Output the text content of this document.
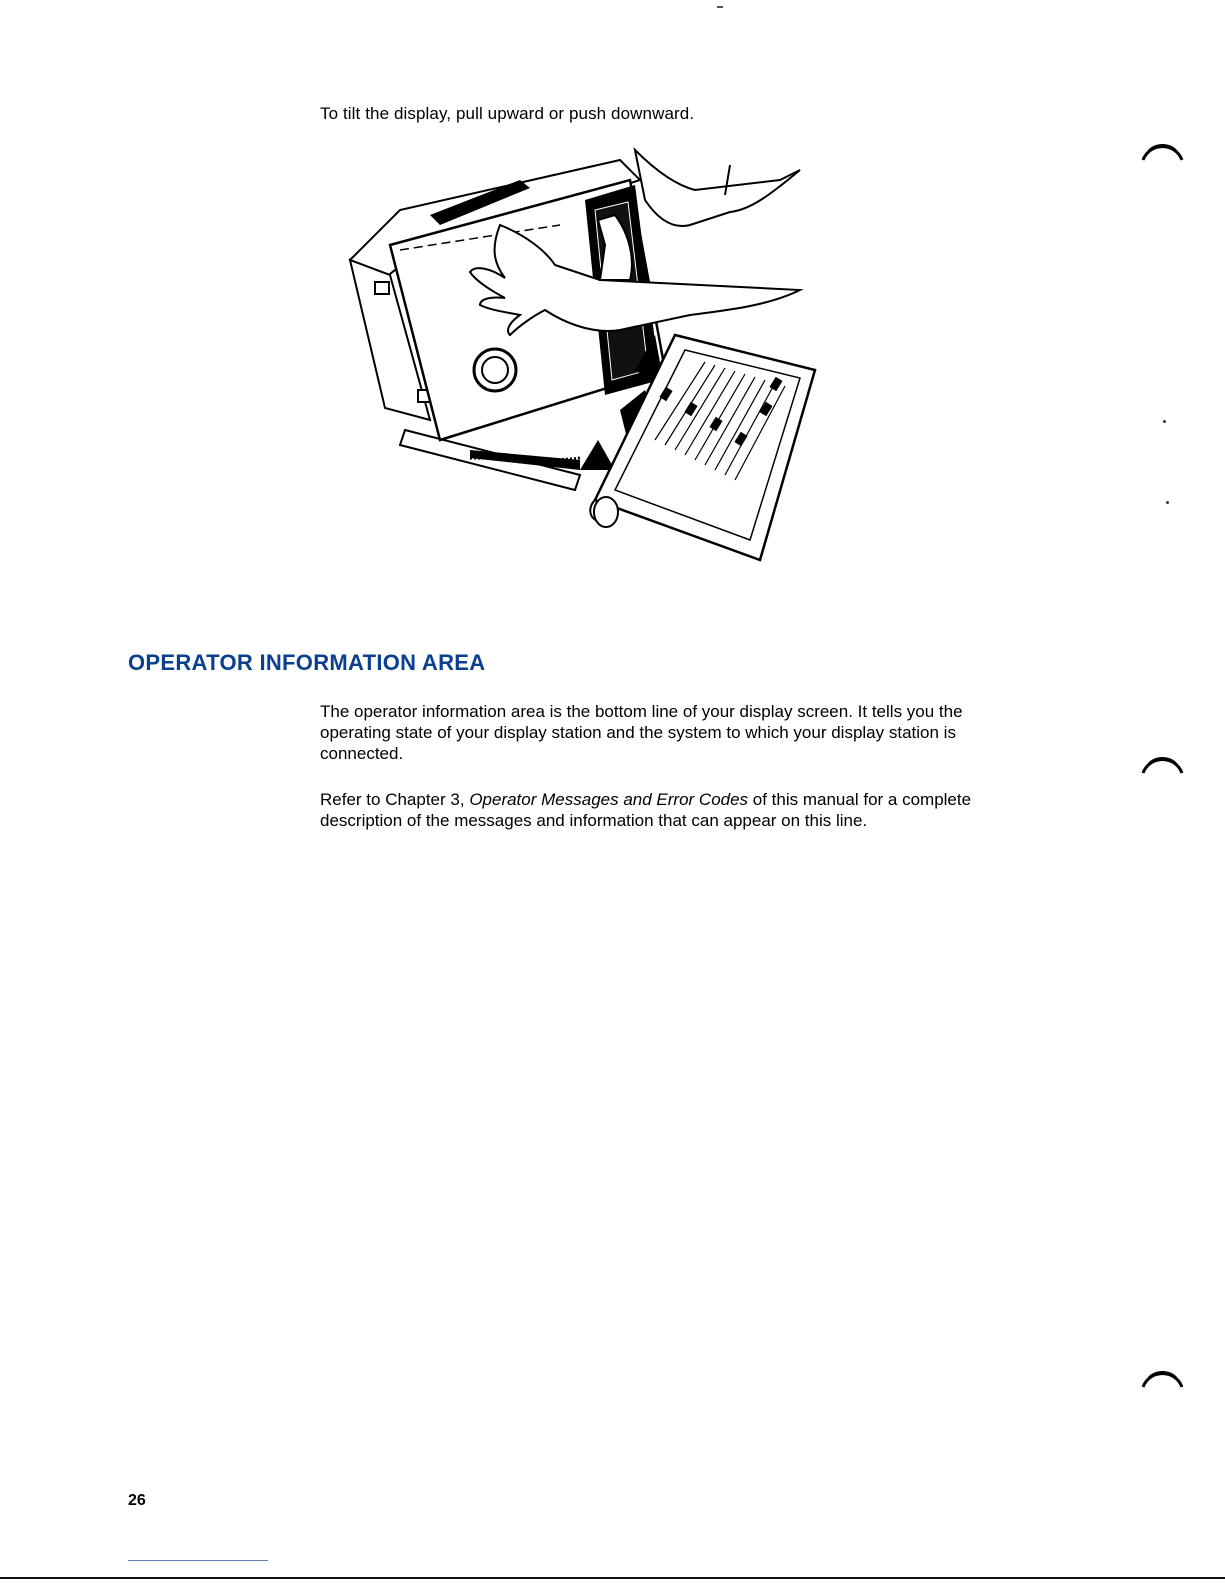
To tilt the display, pull upward or push downward.
OPERATOR INFORMATION AREA
The operator information area is the bottom line of your display screen. It tells you the operating state of your display station and the system to which your display station is connected.
Refer to Chapter 3, Operator Messages and Error Codes of this manual for a complete description of the messages and information that can appear on this line.
26
